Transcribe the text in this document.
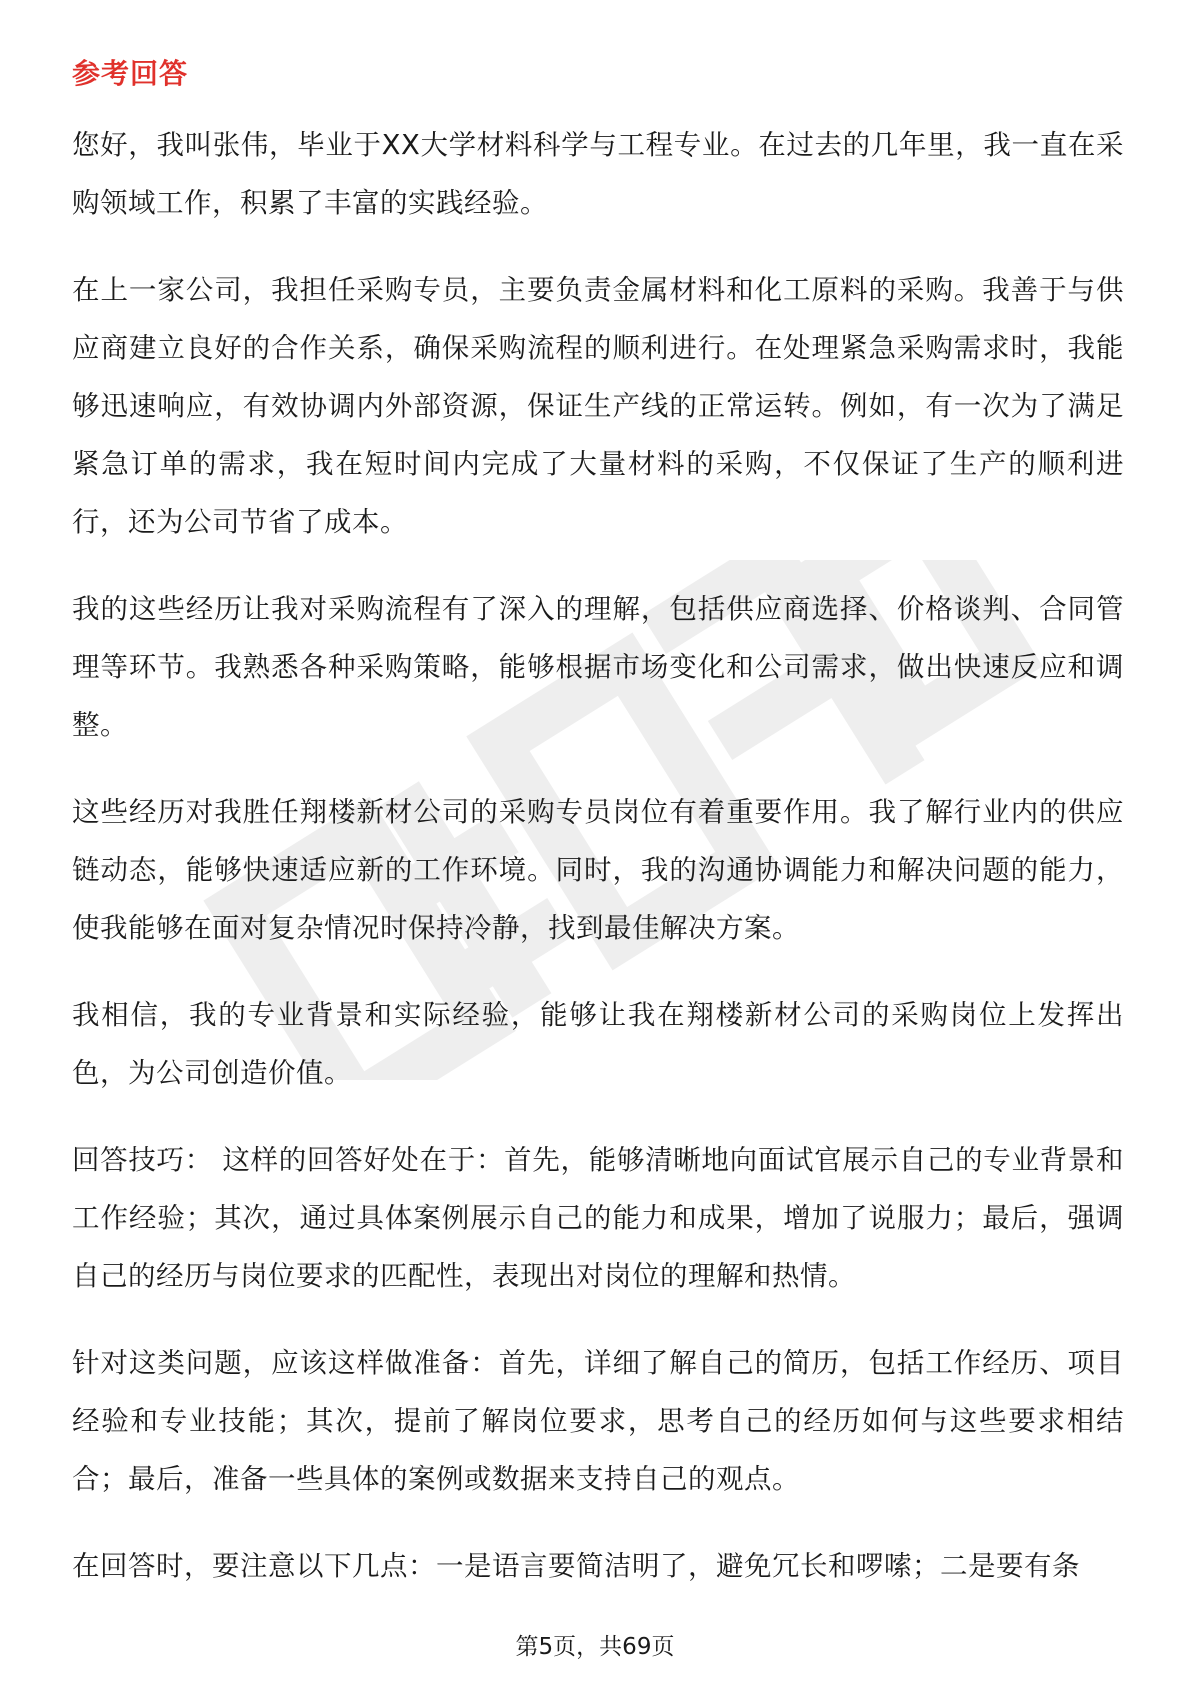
参考回答

您好，我叫张伟，毕业于XX大学材料科学与工程专业。在过去的几年里，我一直在采购领域工作，积累了丰富的实践经验。

在上一家公司，我担任采购专员，主要负责金属材料和化工原料的采购。我善于与供应商建立良好的合作关系，确保采购流程的顺利进行。在处理紧急采购需求时，我能够迅速响应，有效协调内外部资源，保证生产线的正常运转。例如，有一次为了满足紧急订单的需求，我在短时间内完成了大量材料的采购，不仅保证了生产的顺利进行，还为公司节省了成本。

我的这些经历让我对采购流程有了深入的理解，包括供应商选择、价格谈判、合同管理等环节。我熟悉各种采购策略，能够根据市场变化和公司需求，做出快速反应和调整。

这些经历对我胜任翔楼新材公司的采购专员岗位有着重要作用。我了解行业内的供应链动态，能够快速适应新的工作环境。同时，我的沟通协调能力和解决问题的能力，使我能够在面对复杂情况时保持冷静，找到最佳解决方案。

我相信，我的专业背景和实际经验，能够让我在翔楼新材公司的采购岗位上发挥出色，为公司创造价值。

回答技巧： 这样的回答好处在于：首先，能够清晰地向面试官展示自己的专业背景和工作经验；其次，通过具体案例展示自己的能力和成果，增加了说服力；最后，强调自己的经历与岗位要求的匹配性，表现出对岗位的理解和热情。

针对这类问题，应该这样做准备：首先，详细了解自己的简历，包括工作经历、项目经验和专业技能；其次，提前了解岗位要求，思考自己的经历如何与这些要求相结合；最后，准备一些具体的案例或数据来支持自己的观点。

在回答时，要注意以下几点：一是语言要简洁明了，避免冗长和啰嗦；二是要有条

第5页，共69页
